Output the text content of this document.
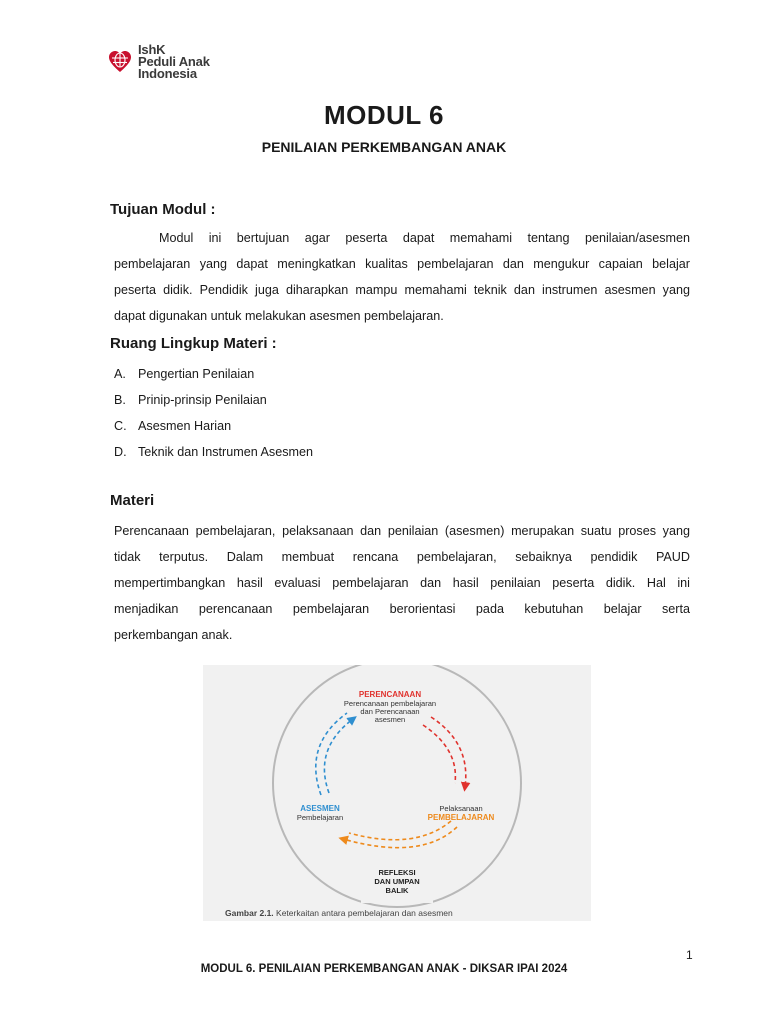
IshK
Peduli Anak
Indonesia
MODUL 6
PENILAIAN PERKEMBANGAN ANAK
Tujuan Modul :
Modul ini bertujuan agar peserta dapat memahami tentang penilaian/asesmen
pembelajaran yang dapat meningkatkan kualitas pembelajaran dan mengukur capaian belajar
peserta didik. Pendidik juga diharapkan mampu memahami teknik dan instrumen asesmen yang
dapat digunakan untuk melakukan asesmen pembelajaran.
Ruang Lingkup Materi :
A. Pengertian Penilaian
B. Prinip-prinsip Penilaian
C. Asesmen Harian
D. Teknik dan Instrumen Asesmen
Materi
Perencanaan pembelajaran, pelaksanaan dan penilaian (asesmen) merupakan suatu proses yang
tidak terputus. Dalam membuat rencana pembelajaran, sebaiknya pendidik PAUD
mempertimbangkan hasil evaluasi pembelajaran dan hasil penilaian peserta didik. Hal ini
menjadikan perencanaan pembelajaran berorientasi pada kebutuhan belajar serta
perkembangan anak.
PERENCANAAN
Perencanaan pembelajaran
dan Perencanaan
asesmen
ASESMEN
Pembelajaran
Pelaksanaan
PEMBELAJARAN
REFLEKSI
DAN UMPAN
BALIK
Gambar 2.1. Keterkaitan antara pembelajaran dan asesmen
1
MODUL 6. PENILAIAN PERKEMBANGAN ANAK - DIKSAR IPAI 2024
